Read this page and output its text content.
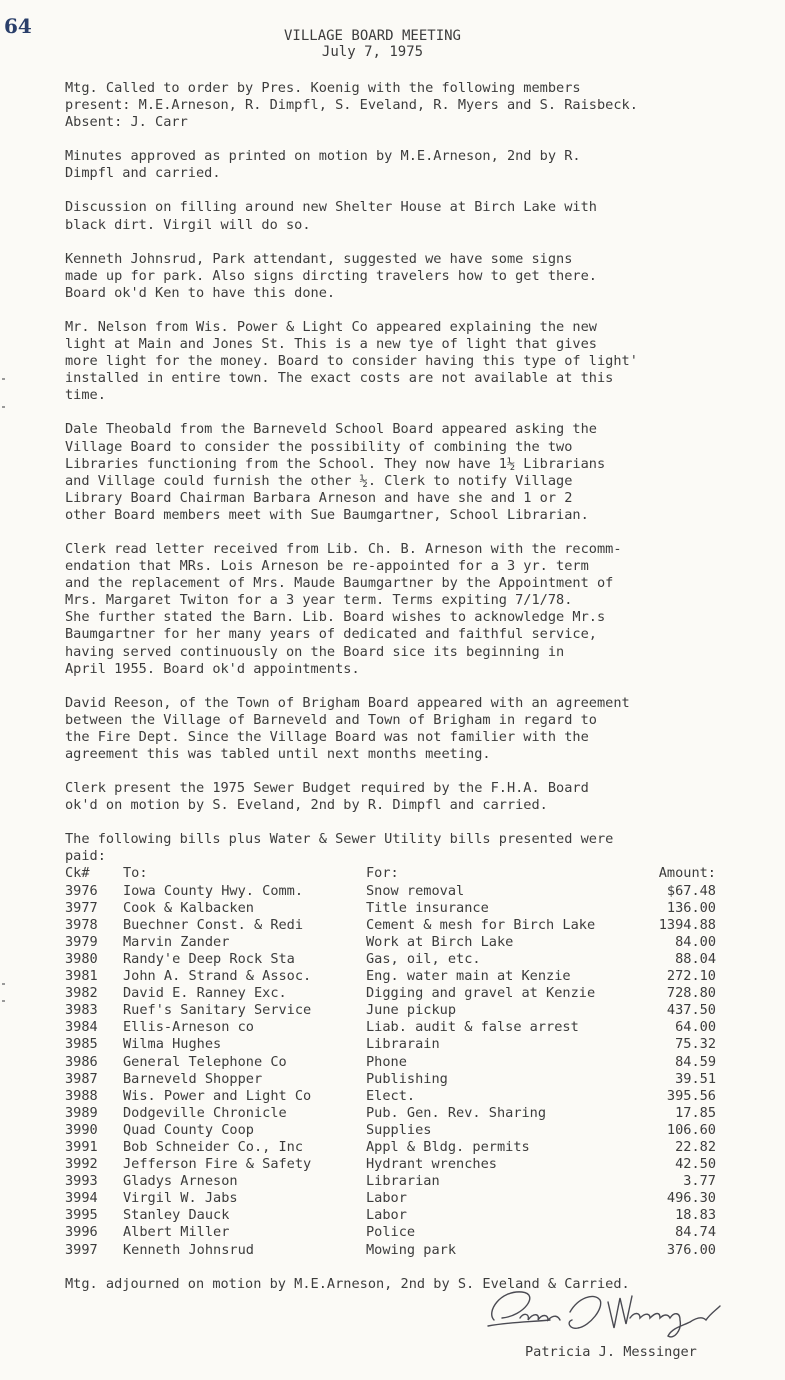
64	VILLAGE BOARD MEETING
July 7, 1975

Mtg. Called to order by Pres. Koenig with the following members
present: M.E.Arneson, R. Dimpfl, S. Eveland, R. Myers and S. Raisbeck.
Absent: J. Carr

Minutes approved as printed on motion by M.E.Arneson, 2nd by R.
Dimpfl and carried.

Discussion on filling around new Shelter House at Birch Lake with
black dirt. Virgil will do so.

Kenneth Johnsrud, Park attendant, suggested we have some signs
made up for park. Also signs dircting travelers how to get there.
Board ok'd Ken to have this done.

Mr. Nelson from Wis. Power & Light Co appeared explaining the new
light at Main and Jones St. This is a new tye of light that gives
more light for the money. Board to consider having this type of light'
installed in entire town. The exact costs are not available at this
time.

Dale Theobald from the Barneveld School Board appeared asking the
Village Board to consider the possibility of combining the two
Libraries functioning from the School. They now have 1½ Librarians
and Village could furnish the other ½. Clerk to notify Village
Library Board Chairman Barbara Arneson and have she and 1 or 2
other Board members meet with Sue Baumgartner, School Librarian.

Clerk read letter received from Lib. Ch. B. Arneson with the recomm-
endation that MRs. Lois Arneson be re-appointed for a 3 yr. term
and the replacement of Mrs. Maude Baumgartner by the Appointment of
Mrs. Margaret Twiton for a 3 year term. Terms expiting 7/1/78.
She further stated the Barn. Lib. Board wishes to acknowledge Mr.s
Baumgartner for her many years of dedicated and faithful service,
having served continuously on the Board sice its beginning in
April 1955. Board ok'd appointments.

David Reeson, of the Town of Brigham Board appeared with an agreement
between the Village of Barneveld and Town of Brigham in regard to
the Fire Dept. Since the Village Board was not familier with the
agreement this was tabled until next months meeting.

Clerk present the 1975 Sewer Budget required by the F.H.A. Board
ok'd on motion by S. Eveland, 2nd by R. Dimpfl and carried.

The following bills plus Water & Sewer Utility bills presented were
paid:

Ck#	To:	For:	Amount:
3976	Iowa County Hwy. Comm.	Snow removal	$67.48
3977	Cook & Kalbacken	Title insurance	136.00
3978	Buechner Const. & Redi	Cement & mesh for Birch Lake	1394.88
3979	Marvin Zander	Work at Birch Lake	84.00
3980	Randy'e Deep Rock Sta	Gas, oil, etc.	88.04
3981	John A. Strand & Assoc.	Eng. water main at Kenzie	272.10
3982	David E. Ranney Exc.	Digging and gravel at Kenzie	728.80
3983	Ruef's Sanitary Service	June pickup	437.50
3984	Ellis-Arneson co	Liab. audit & false arrest	64.00
3985	Wilma Hughes	Librarain	75.32
3986	General Telephone Co	Phone	84.59
3987	Barneveld Shopper	Publishing	39.51
3988	Wis. Power and Light Co	Elect.	395.56
3989	Dodgeville Chronicle	Pub. Gen. Rev. Sharing	17.85
3990	Quad County Coop	Supplies	106.60
3991	Bob Schneider Co., Inc	Appl & Bldg. permits	22.82
3992	Jefferson Fire & Safety	Hydrant wrenches	42.50
3993	Gladys Arneson	Librarian	3.77
3994	Virgil W. Jabs	Labor	496.30
3995	Stanley Dauck	Labor	18.83
3996	Albert Miller	Police	84.74
3997	Kenneth Johnsrud	Mowing park	376.00

Mtg. adjourned on motion by M.E.Arneson, 2nd by S. Eveland & Carried.

Patricia J. Messinger
